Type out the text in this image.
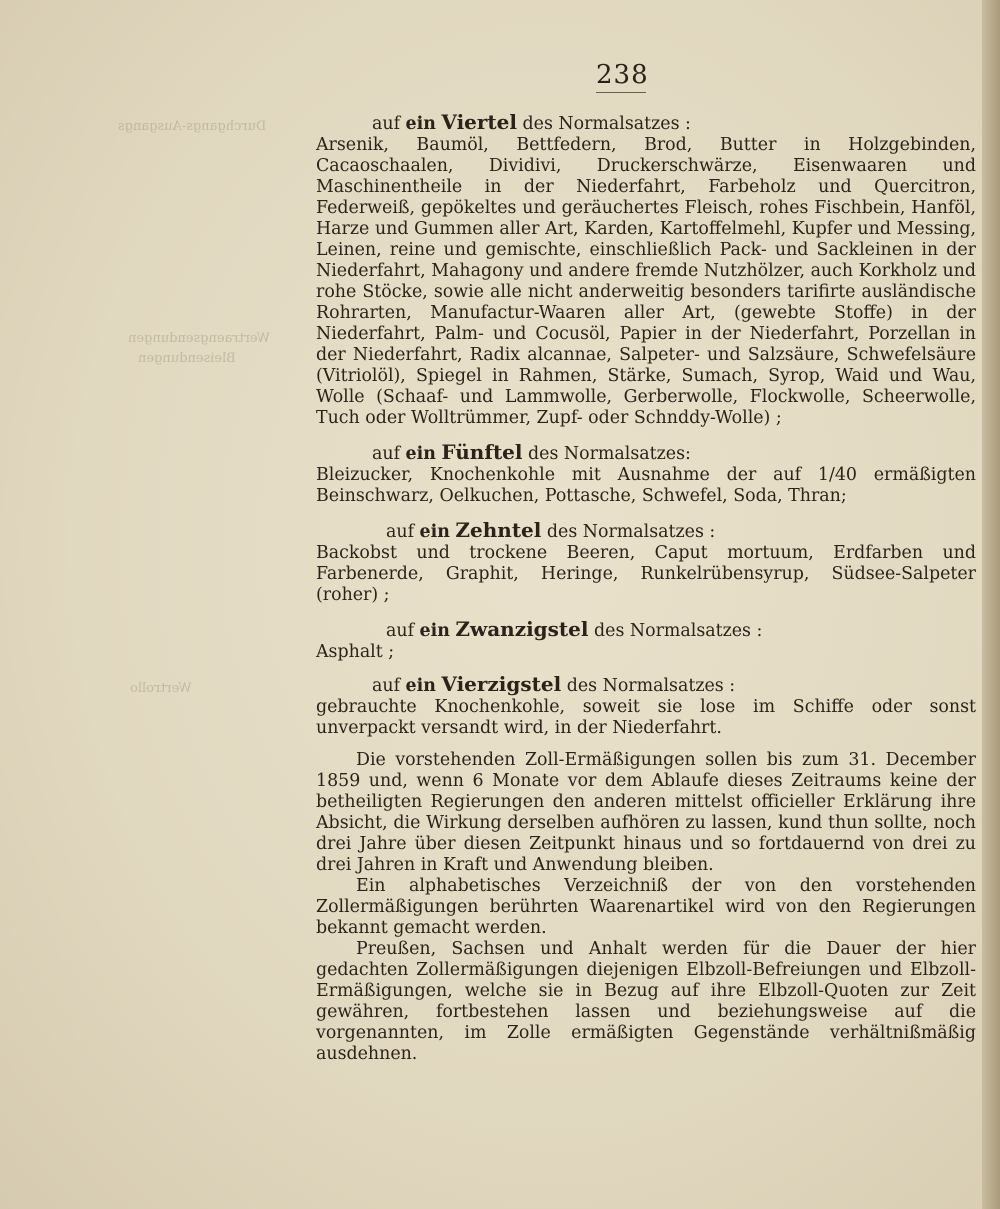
Durchgangs-Ausgangs
Wertraengsendungen
Bleisendungen
Wertrollo
238

auf ein Viertel des Normalsatzes :

Arsenik, Baumöl, Bettfedern, Brod, Butter in Holzgebinden, Cacaoschaalen, Dividivi, Druckerschwärze, Eisenwaaren und Maschinentheile in der Niederfahrt, Farbeholz und Quercitron, Federweiß, gepökeltes und geräuchertes Fleisch, rohes Fischbein, Hanföl, Harze und Gummen aller Art, Karden, Kartoffelmehl, Kupfer und Messing, Leinen, reine und gemischte, einschließlich Pack- und Sackleinen in der Niederfahrt, Mahagony und andere fremde Nutzhölzer, auch Korkholz und rohe Stöcke, sowie alle nicht anderweitig besonders tarifirte ausländische Rohrarten, Manufactur-Waaren aller Art, (gewebte Stoffe) in der Niederfahrt, Palm- und Cocusöl, Papier in der Niederfahrt, Porzellan in der Niederfahrt, Radix alcannae, Salpeter- und Salzsäure, Schwefelsäure (Vitriolöl), Spiegel in Rahmen, Stärke, Sumach, Syrop, Waid und Wau, Wolle (Schaaf- und Lammwolle, Gerberwolle, Flockwolle, Scheerwolle, Tuch oder Wolltrümmer, Zupf- oder Schnddy-Wolle) ;

auf ein Fünftel des Normalsatzes:

Bleizucker, Knochenkohle mit Ausnahme der auf 1/40 ermäßigten Beinschwarz, Oelkuchen, Pottasche, Schwefel, Soda, Thran;

auf ein Zehntel des Normalsatzes :

Backobst und trockene Beeren, Caput mortuum, Erdfarben und Farbenerde, Graphit, Heringe, Runkelrübensyrup, Südsee-Salpeter (roher) ;

auf ein Zwanzigstel des Normalsatzes :

Asphalt ;

auf ein Vierzigstel des Normalsatzes :

gebrauchte Knochenkohle, soweit sie lose im Schiffe oder sonst unverpackt versandt wird, in der Niederfahrt.

Die vorstehenden Zoll-Ermäßigungen sollen bis zum 31. December 1859 und, wenn 6 Monate vor dem Ablaufe dieses Zeitraums keine der betheiligten Regierungen den anderen mittelst officieller Erklärung ihre Absicht, die Wirkung derselben aufhören zu lassen, kund thun sollte, noch drei Jahre über diesen Zeitpunkt hinaus und so fortdauernd von drei zu drei Jahren in Kraft und Anwendung bleiben.

Ein alphabetisches Verzeichniß der von den vorstehenden Zollermäßigungen berührten Waarenartikel wird von den Regierungen bekannt gemacht werden.

Preußen, Sachsen und Anhalt werden für die Dauer der hier gedachten Zollermäßigungen diejenigen Elbzoll-Befreiungen und Elbzoll-Ermäßigungen, welche sie in Bezug auf ihre Elbzoll-Quoten zur Zeit gewähren, fortbestehen lassen und beziehungsweise auf die vorgenannten, im Zolle ermäßigten Gegenstände verhältnißmäßig ausdehnen.
